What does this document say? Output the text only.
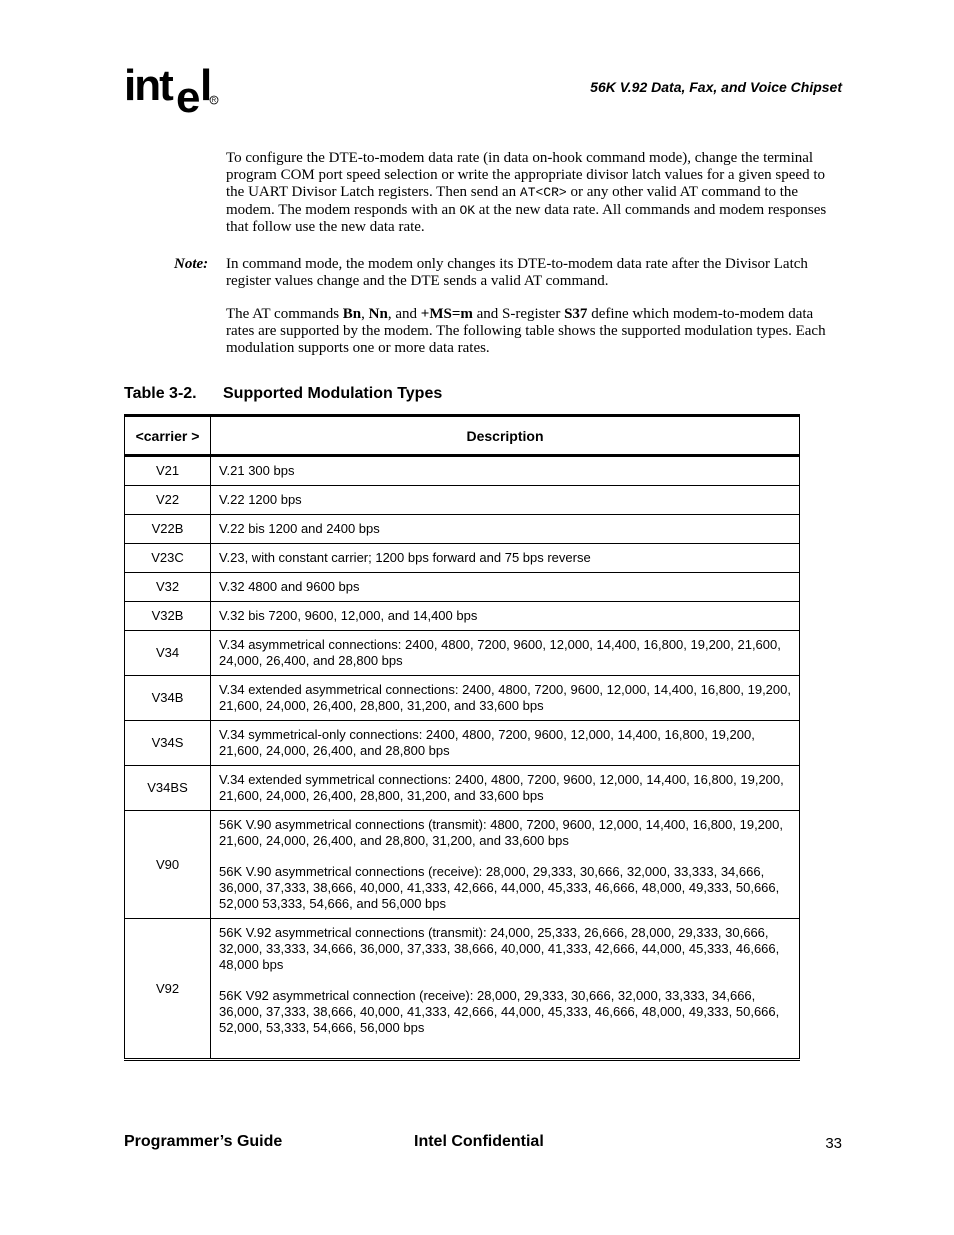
int e l R
56K V.92 Data, Fax, and Voice Chipset
To configure the DTE-to-modem data rate (in data on-hook command mode), change the terminal program COM port speed selection or write the appropriate divisor latch values for a given speed to the UART Divisor Latch registers. Then send an AT<CR> or any other valid AT command to the modem. The modem responds with an OK at the new data rate. All commands and modem responses that follow use the new data rate.
Note: In command mode, the modem only changes its DTE-to-modem data rate after the Divisor Latch register values change and the DTE sends a valid AT command.
The AT commands Bn, Nn, and +MS=m and S-register S37 define which modem-to-modem data rates are supported by the modem. The following table shows the supported modulation types. Each modulation supports one or more data rates.
Table 3-2. Supported Modulation Types
<carrier >	Description
V21	V.21 300 bps

V22	V.22 1200 bps

V22B	V.22 bis 1200 and 2400 bps

V23C	V.23, with constant carrier; 1200 bps forward and 75 bps reverse

V32	V.32 4800 and 9600 bps

V32B	V.32 bis 7200, 9600, 12,000, and 14,400 bps

V34	V.34 asymmetrical connections: 2400, 4800, 7200, 9600, 12,000, 14,400, 16,800, 19,200, 21,600, 24,000, 26,400, and 28,800 bps

V34B	V.34 extended asymmetrical connections: 2400, 4800, 7200, 9600, 12,000, 14,400, 16,800, 19,200, 21,600, 24,000, 26,400, 28,800, 31,200, and 33,600 bps

V34S	V.34 symmetrical-only connections: 2400, 4800, 7200, 9600, 12,000, 14,400, 16,800, 19,200, 21,600, 24,000, 26,400, and 28,800 bps

V34BS	V.34 extended symmetrical connections: 2400, 4800, 7200, 9600, 12,000, 14,400, 16,800, 19,200, 21,600, 24,000, 26,400, 28,800, 31,200, and 33,600 bps

V90	56K V.90 asymmetrical connections (transmit): 4800, 7200, 9600, 12,000, 14,400, 16,800, 19,200, 21,600, 24,000, 26,400, and 28,800, 31,200, and 33,600 bps
56K V.90 asymmetrical connections (receive): 28,000, 29,333, 30,666, 32,000, 33,333, 34,666, 36,000, 37,333, 38,666, 40,000, 41,333, 42,666, 44,000, 45,333, 46,666, 48,000, 49,333, 50,666, 52,000 53,333, 54,666, and 56,000 bps

V92	56K V.92 asymmetrical connections (transmit): 24,000, 25,333, 26,666, 28,000, 29,333, 30,666, 32,000, 33,333, 34,666, 36,000, 37,333, 38,666, 40,000, 41,333, 42,666, 44,000, 45,333, 46,666, 48,000 bps
56K V92 asymmetrical connection (receive): 28,000, 29,333, 30,666, 32,000, 33,333, 34,666, 36,000, 37,333, 38,666, 40,000, 41,333, 42,666, 44,000, 45,333, 46,666, 48,000, 49,333, 50,666, 52,000, 53,333, 54,666, 56,000 bps
Programmer’s Guide	Intel Confidential	33
